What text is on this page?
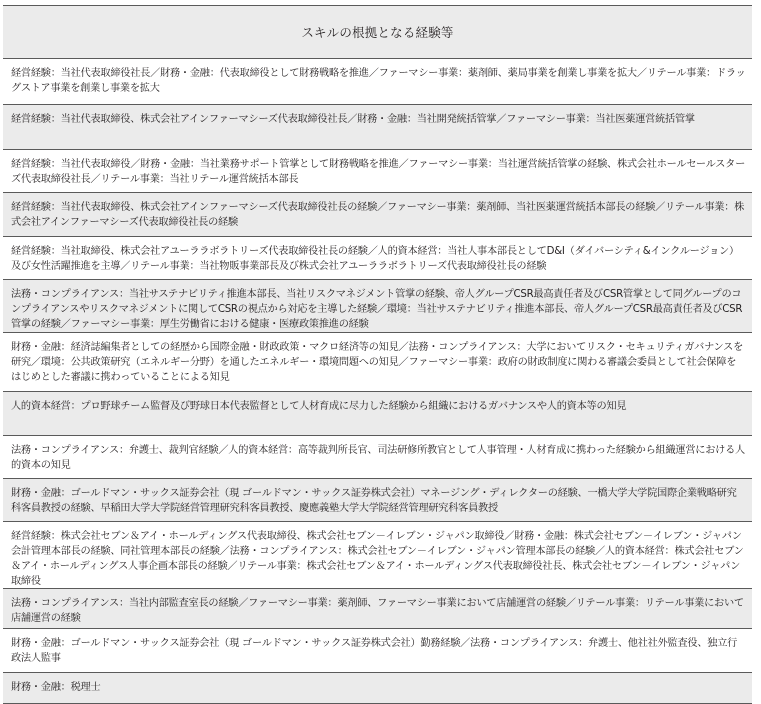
スキルの根拠となる経験等
経営経験：当社代表取締役社長／財務・金融：代表取締役として財務戦略を推進／ファーマシー事業：薬剤師、薬局事業を創業し事業を拡大／リテール事業：ドラッグストア事業を創業し事業を拡大
経営経験：当社代表取締役、株式会社アインファーマシーズ代表取締役社長／財務・金融：当社開発統括管掌／ファーマシー事業：当社医薬運営統括管掌
経営経験：当社代表取締役／財務・金融：当社業務サポート管掌として財務戦略を推進／ファーマシー事業：当社運営統括管掌の経験、株式会社ホールセールスターズ代表取締役社長／リテール事業：当社リテール運営統括本部長
経営経験：当社代表取締役、株式会社アインファーマシーズ代表取締役社長の経験／ファーマシー事業：薬剤師、当社医薬運営統括本部長の経験／リテール事業：株式会社アインファーマシーズ代表取締役社長の経験
経営経験：当社取締役、株式会社アユーララボラトリーズ代表取締役社長の経験／人的資本経営：当社人事本部長としてD&I（ダイバーシティ&インクルージョン）及び女性活躍推進を主導／リテール事業：当社物販事業部長及び株式会社アユーララボラトリーズ代表取締役社長の経験
法務・コンプライアンス：当社サステナビリティ推進本部長、当社リスクマネジメント管掌の経験、帝人グループCSR最高責任者及びCSR管掌として同グループのコンプライアンスやリスクマネジメントに関してCSRの視点から対応を主導した経験／環境：当社サステナビリティ推進本部長、帝人グループCSR最高責任者及びCSR管掌の経験／ファーマシー事業：厚生労働省における健康・医療政策推進の経験
財務・金融：経済誌編集者としての経歴から国際金融・財政政策・マクロ経済等の知見／法務・コンプライアンス：大学においてリスク・セキュリティガバナンスを研究／環境：公共政策研究（エネルギー分野）を通したエネルギー・環境問題への知見／ファーマシー事業：政府の財政制度に関わる審議会委員として社会保障をはじめとした審議に携わっていることによる知見
人的資本経営：プロ野球チーム監督及び野球日本代表監督として人材育成に尽力した経験から組織におけるガバナンスや人的資本等の知見
法務・コンプライアンス：弁護士、裁判官経験／人的資本経営：高等裁判所長官、司法研修所教官として人事管理・人材育成に携わった経験から組織運営における人的資本の知見
財務・金融：ゴールドマン・サックス証券会社（現 ゴールドマン・サックス証券株式会社）マネージング・ディレクターの経験、一橋大学大学院国際企業戦略研究科客員教授の経験、早稲田大学大学院経営管理研究科客員教授、慶應義塾大学大学院経営管理研究科客員教授
経営経験：株式会社セブン＆アイ・ホールディングス代表取締役、株式会社セブン－イレブン・ジャパン取締役／財務・金融：株式会社セブン－イレブン・ジャパン会計管理本部長の経験、同社管理本部長の経験／法務・コンプライアンス：株式会社セブン－イレブン・ジャパン管理本部長の経験／人的資本経営：株式会社セブン＆アイ・ホールディングス人事企画本部長の経験／リテール事業：株式会社セブン＆アイ・ホールディングス代表取締役社長、株式会社セブン－イレブン・ジャパン取締役
法務・コンプライアンス：当社内部監査室長の経験／ファーマシー事業：薬剤師、ファーマシー事業において店舗運営の経験／リテール事業：リテール事業において店舗運営の経験
財務・金融：ゴールドマン・サックス証券会社（現 ゴールドマン・サックス証券株式会社）勤務経験／法務・コンプライアンス：弁護士、他社社外監査役、独立行政法人監事
財務・金融：税理士
